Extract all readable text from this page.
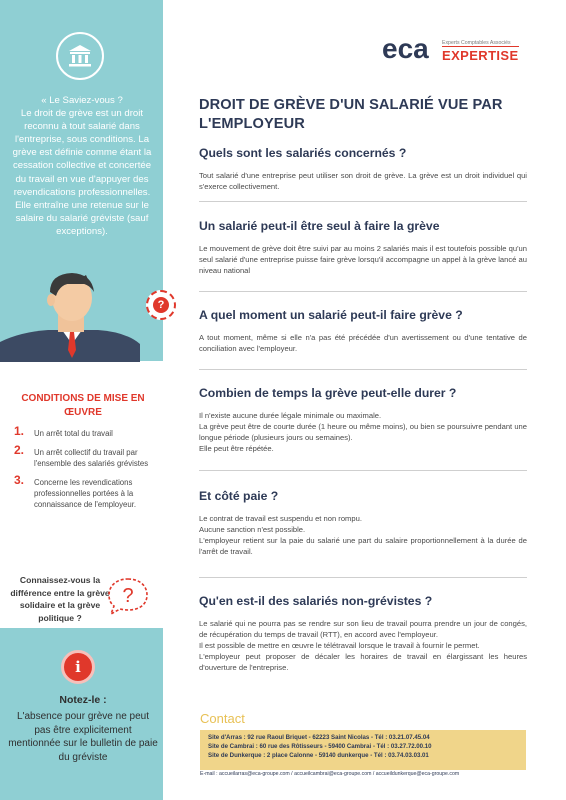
« Le Saviez-vous ?
Le droit de grève est un droit reconnu à tout salarié dans l'entreprise, sous conditions. La grève est définie comme étant la cessation collective et concertée du travail en vue d'appuyer des revendications professionnelles. Elle entraîne une retenue sur le salaire du salarié gréviste (sauf exceptions).
?
CONDITIONS DE MISE EN ŒUVRE
1. Un arrêt total du travail
2. Un arrêt collectif du travail par l'ensemble des salariés grévistes
3. Concerne les revendications professionnelles portées à la connaissance de l'employeur.
Connaissez-vous la différence entre la grève solidaire et la grève politique ?
?
i
Notez-le :
L'absence pour grève ne peut pas être explicitement mentionnée sur le bulletin de paie du gréviste
eca	Experts Comptables Associés
EXPERTISE
DROIT DE GRÈVE D'UN SALARIÉ VUE PAR L'EMPLOYEUR
Quels sont les salariés concernés ?

Tout salarié d'une entreprise peut utiliser son droit de grève. La grève est un droit individuel qui s'exerce collectivement.

Un salarié peut-il être seul à faire la grève

Le mouvement de grève doit être suivi par au moins 2 salariés mais il est toutefois possible qu'un seul salarié d'une entreprise puisse faire grève lorsqu'il accompagne un appel à la grève lancé au niveau national

A quel moment un salarié peut-il faire grève ?

A tout moment, même si elle n'a pas été précédée d'un avertissement ou d'une tentative de conciliation avec l'employeur.

Combien de temps la grève peut-elle durer ?

Il n'existe aucune durée légale minimale ou maximale.

La grève peut être de courte durée (1 heure ou même moins), ou bien se poursuivre pendant une longue période (plusieurs jours ou semaines).

Elle peut être répétée.

Et côté paie ?

Le contrat de travail est suspendu et non rompu.

Aucune sanction n'est possible.

L'employeur retient sur la paie du salarié une part du salaire proportionnellement à la durée de l'arrêt de travail.

Qu'en est-il des salariés non-grévistes ?

Le salarié qui ne pourra pas se rendre sur son lieu de travail pourra prendre un jour de congés, de récupération du temps de travail (RTT), en accord avec l'employeur.

Il est possible de mettre en œuvre le télétravail lorsque le travail à fournir le permet.

L'employeur peut proposer de décaler les horaires de travail en élargissant les heures d'ouverture de l'entreprise.

Contact

Site d'Arras : 92 rue Raoul Briquet - 62223 Saint Nicolas - Tél : 03.21.07.45.04

Site de Cambrai : 60 rue des Rôtisseurs - 59400 Cambrai - Tél : 03.27.72.00.10

Site de Dunkerque : 2 place Calonne - 59140 dunkerque - Tél : 03.74.03.03.01

E-mail : accueilarras@eca-groupe.com / accueilcambrai@eca-groupe.com / accueildunkerque@eca-groupe.com
